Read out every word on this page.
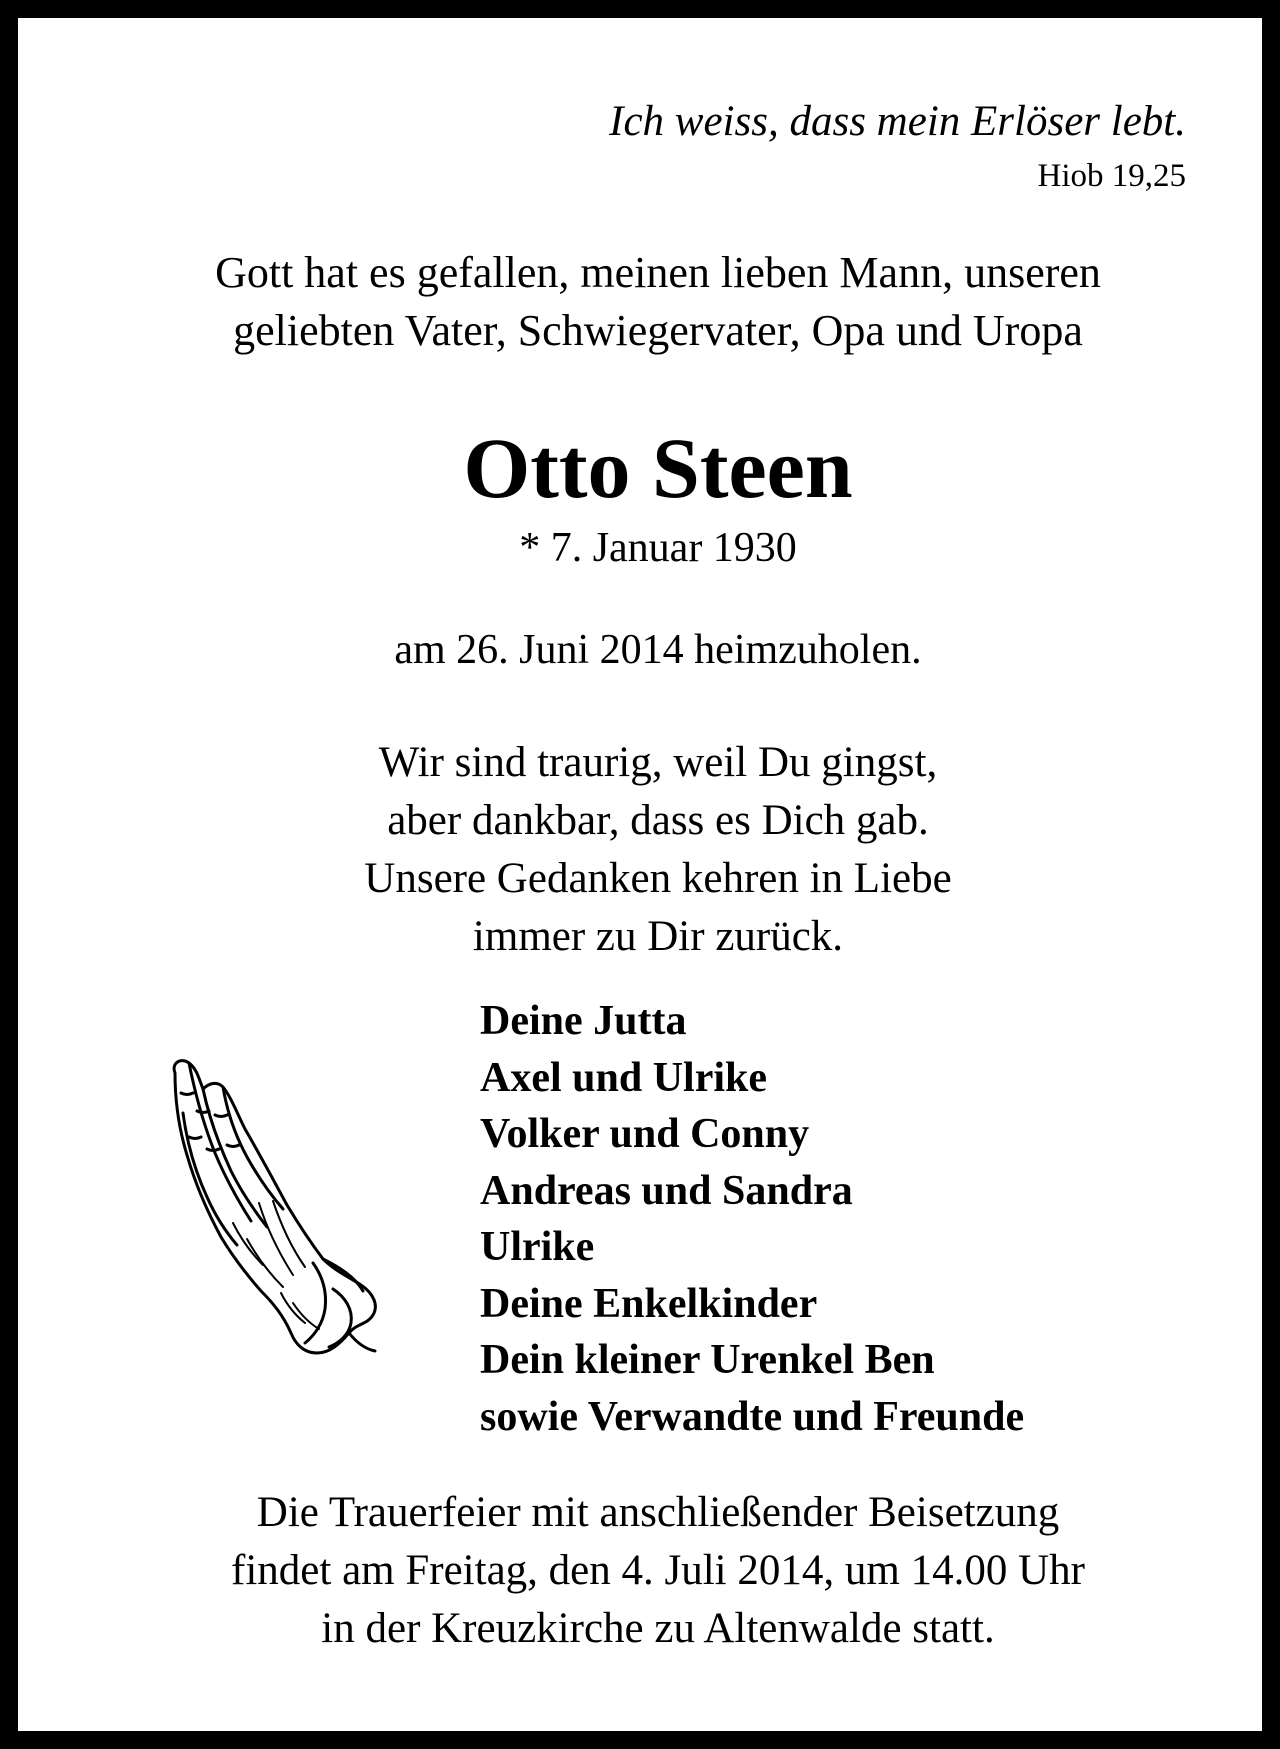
Ich weiss, dass mein Erlöser lebt.
Hiob 19,25
Gott hat es gefallen, meinen lieben Mann, unseren
geliebten Vater, Schwiegervater, Opa und Uropa
Otto Steen
* 7. Januar 1930
am 26. Juni 2014 heimzuholen.
Wir sind traurig, weil Du gingst,
aber dankbar, dass es Dich gab.
Unsere Gedanken kehren in Liebe
immer zu Dir zurück.
Deine Jutta
Axel und Ulrike
Volker und Conny
Andreas und Sandra
Ulrike
Deine Enkelkinder
Dein kleiner Urenkel Ben
sowie Verwandte und Freunde
Die Trauerfeier mit anschließender Beisetzung
findet am Freitag, den 4. Juli 2014, um 14.00 Uhr
in der Kreuzkirche zu Altenwalde statt.
